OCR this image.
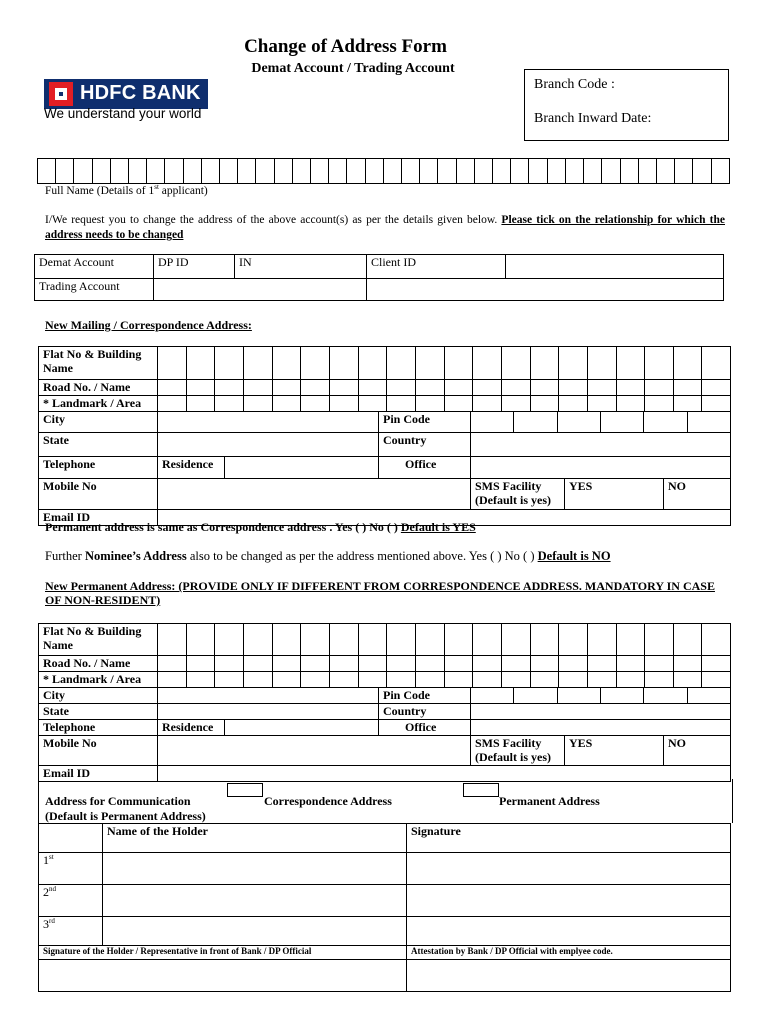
Change of Address Form
Demat Account / Trading Account
HDFC BANK
We understand your world
Branch Code :
Branch Inward Date:
Full Name (Details of 1st applicant)
I/We request you to change the address of the above account(s) as per the details given below. Please tick on the relationship for which the address needs to be changed
Demat Account	DP ID	IN	Client ID	
Trading Account				
New Mailing / Correspondence Address:
Flat No & Building Name						

Road No. / Name						

* Landmark / Area						

City			Pin Code			

State			Country			
Telephone	Residence		Office			
Mobile No				SMS Facility (Default is yes)	YES	NO
Email ID						
Permanent address is same as Correspondence address . Yes ( ) No ( ) Default is YES
Further Nominee’s Address also to be changed as per the address mentioned above. Yes ( ) No ( ) Default is NO
New Permanent Address: (PROVIDE ONLY IF DIFFERENT FROM CORRESPONDENCE ADDRESS. MANDATORY IN CASE OF NON-RESIDENT)
Flat No & Building Name						

Road No. / Name						

* Landmark / Area						

City			Pin Code			

State			Country			
Telephone	Residence		Office			
Mobile No				SMS Facility (Default is yes)	YES	NO
Email ID						
Address for Communication
(Default is Permanent Address)
Correspondence Address	Permanent Address
	Name of the Holder	Signature
1st		
2nd		
3rd		
Signature of the Holder / Representative in front of Bank / DP Official		Attestation by Bank / DP Official with emplyee code.
